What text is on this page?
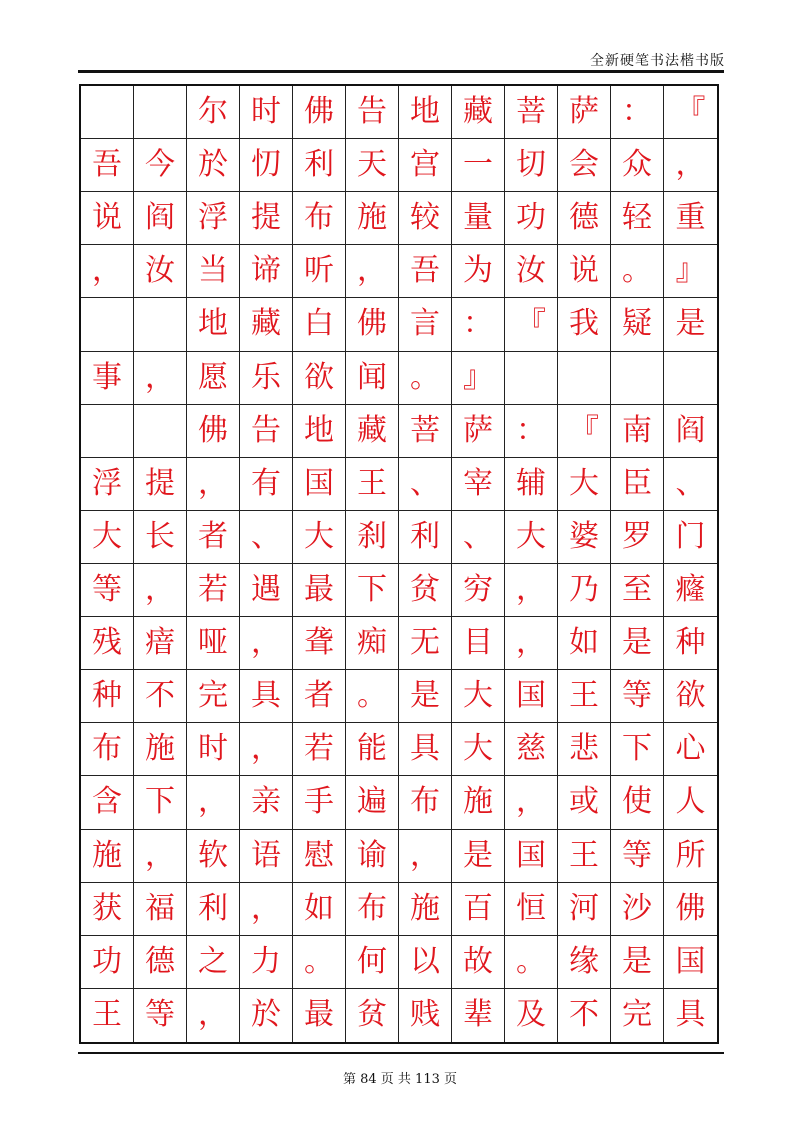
全新硬笔书法楷书版
尔 时 佛 告 地 藏 菩 萨 ： 『
吾 今 於 忉 利 天 宫 一 切 会 众 ，
说 阎 浮 提 布 施 较 量 功 德 轻 重
， 汝 当 谛 听 ， 吾 为 汝 说 。 』
地 藏 白 佛 言 ： 『 我 疑 是
事 ， 愿 乐 欲 闻 。 』
佛 告 地 藏 菩 萨 ： 『 南 阎
浮 提 ， 有 国 王 、 宰 辅 大 臣 、
大 长 者 、 大 刹 利 、 大 婆 罗 门
等 ， 若 遇 最 下 贫 穷 ， 乃 至 癃
残 瘖 哑 ， 聋 痴 无 目 ， 如 是 种
种 不 完 具 者 。 是 大 国 王 等 欲
布 施 时 ， 若 能 具 大 慈 悲 下 心
含 下 ， 亲 手 遍 布 施 ， 或 使 人
施 ， 软 语 慰 谕 ， 是 国 王 等 所
获 福 利 ， 如 布 施 百 恒 河 沙 佛
功 德 之 力 。 何 以 故 。 缘 是 国
王 等 ， 於 最 贫 贱 辈 及 不 完 具
第 84 页 共 113 页
